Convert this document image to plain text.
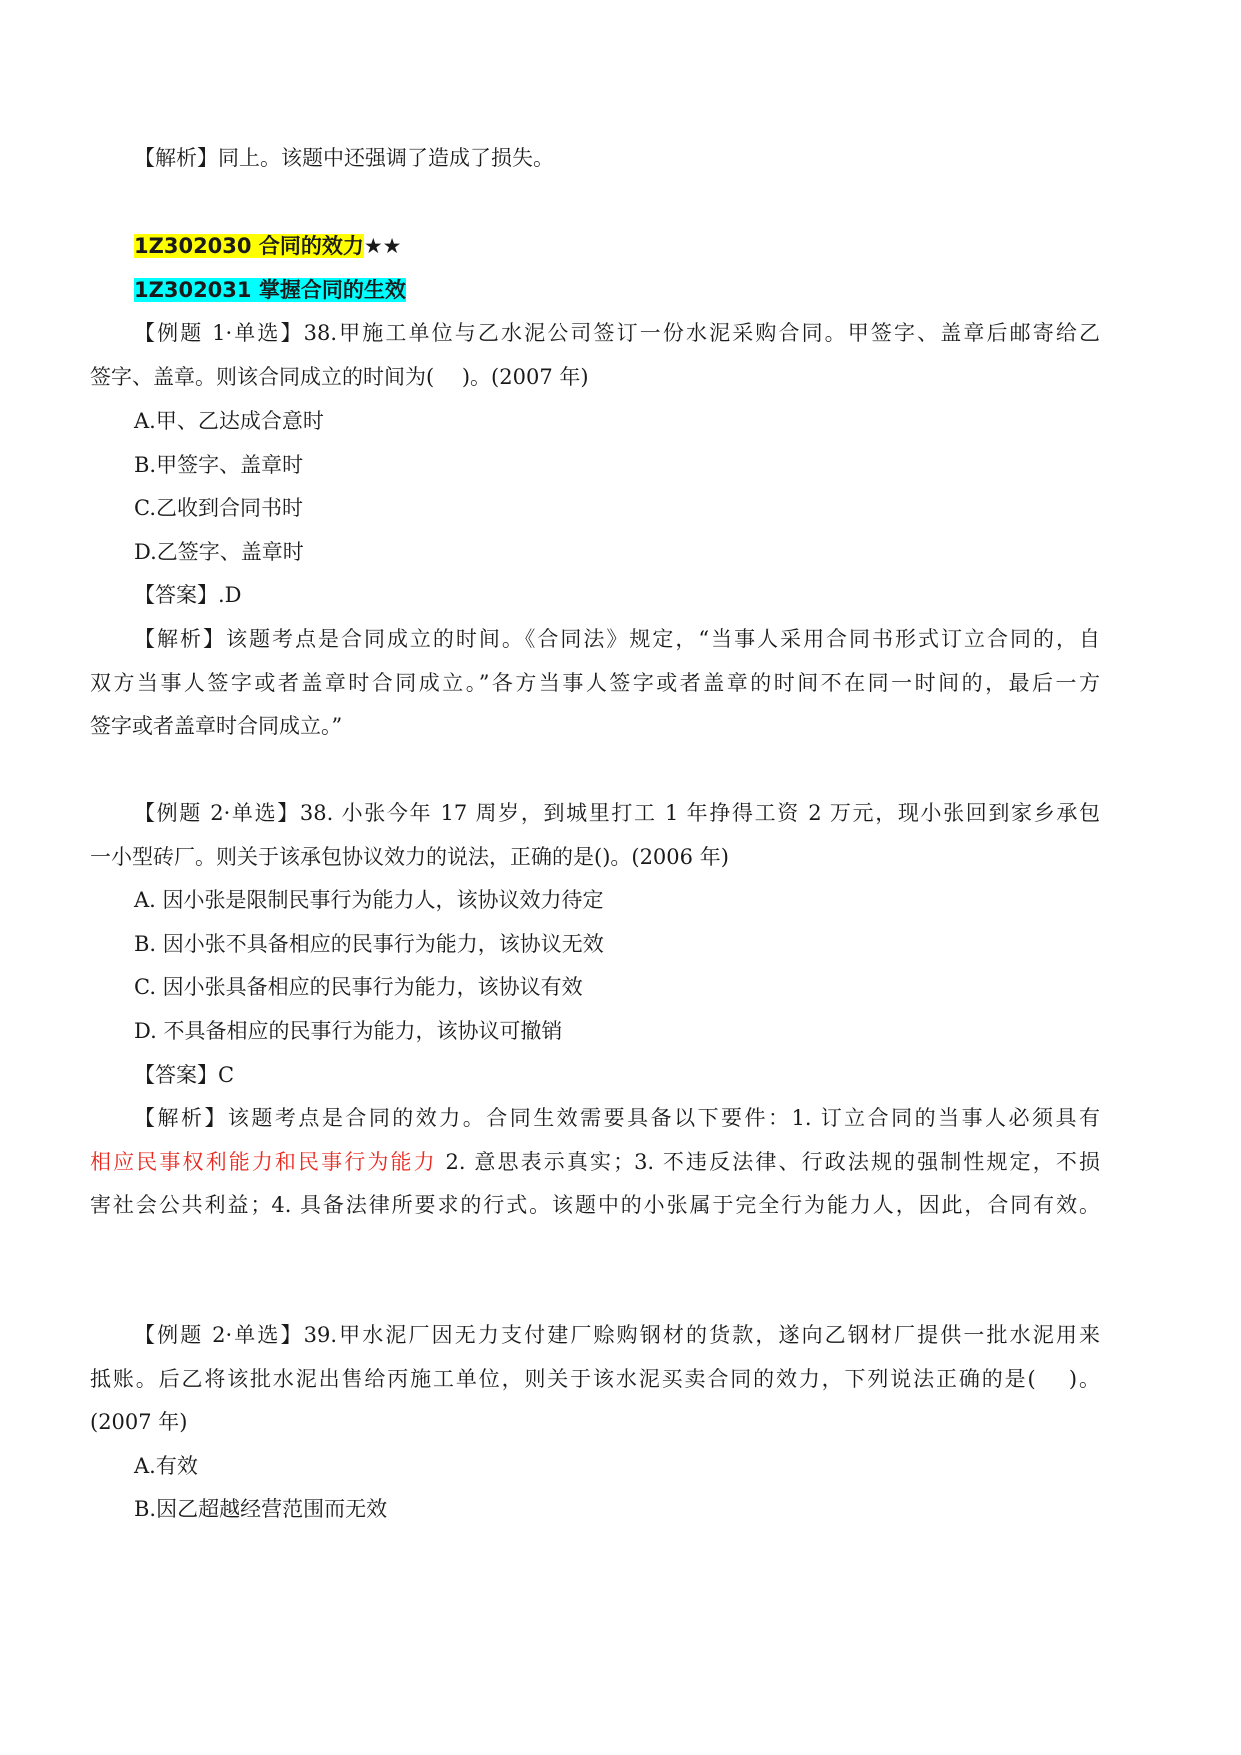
【解析】同上。该题中还强调了造成了损失。
1Z302030 合同的效力★★
1Z302031 掌握合同的生效
【例题 1·单选】38.甲施工单位与乙水泥公司签订一份水泥采购合同。甲签字、盖章后邮寄给乙
签字、盖章。则该合同成立的时间为(　 )。(2007 年)
A.甲、乙达成合意时
B.甲签字、盖章时
C.乙收到合同书时
D.乙签字、盖章时
【答案】.D
【解析】该题考点是合同成立的时间。《合同法》规定，“当事人采用合同书形式订立合同的，自
双方当事人签字或者盖章时合同成立。”各方当事人签字或者盖章的时间不在同一时间的，最后一方
签字或者盖章时合同成立。”
【例题 2·单选】38. 小张今年 17 周岁，到城里打工 1 年挣得工资 2 万元，现小张回到家乡承包
一小型砖厂。则关于该承包协议效力的说法，正确的是()。(2006 年)
A. 因小张是限制民事行为能力人，该协议效力待定
B. 因小张不具备相应的民事行为能力，该协议无效
C. 因小张具备相应的民事行为能力，该协议有效
D. 不具备相应的民事行为能力，该协议可撤销
【答案】C
【解析】该题考点是合同的效力。合同生效需要具备以下要件：1. 订立合同的当事人必须具有
相应民事权利能力和民事行为能力 2. 意思表示真实；3. 不违反法律、行政法规的强制性规定，不损
害社会公共利益；4. 具备法律所要求的行式。该题中的小张属于完全行为能力人，因此，合同有效。
【例题 2·单选】39.甲水泥厂因无力支付建厂赊购钢材的货款，遂向乙钢材厂提供一批水泥用来
抵账。后乙将该批水泥出售给丙施工单位，则关于该水泥买卖合同的效力，下列说法正确的是(　 )。
(2007 年)
A.有效
B.因乙超越经营范围而无效
